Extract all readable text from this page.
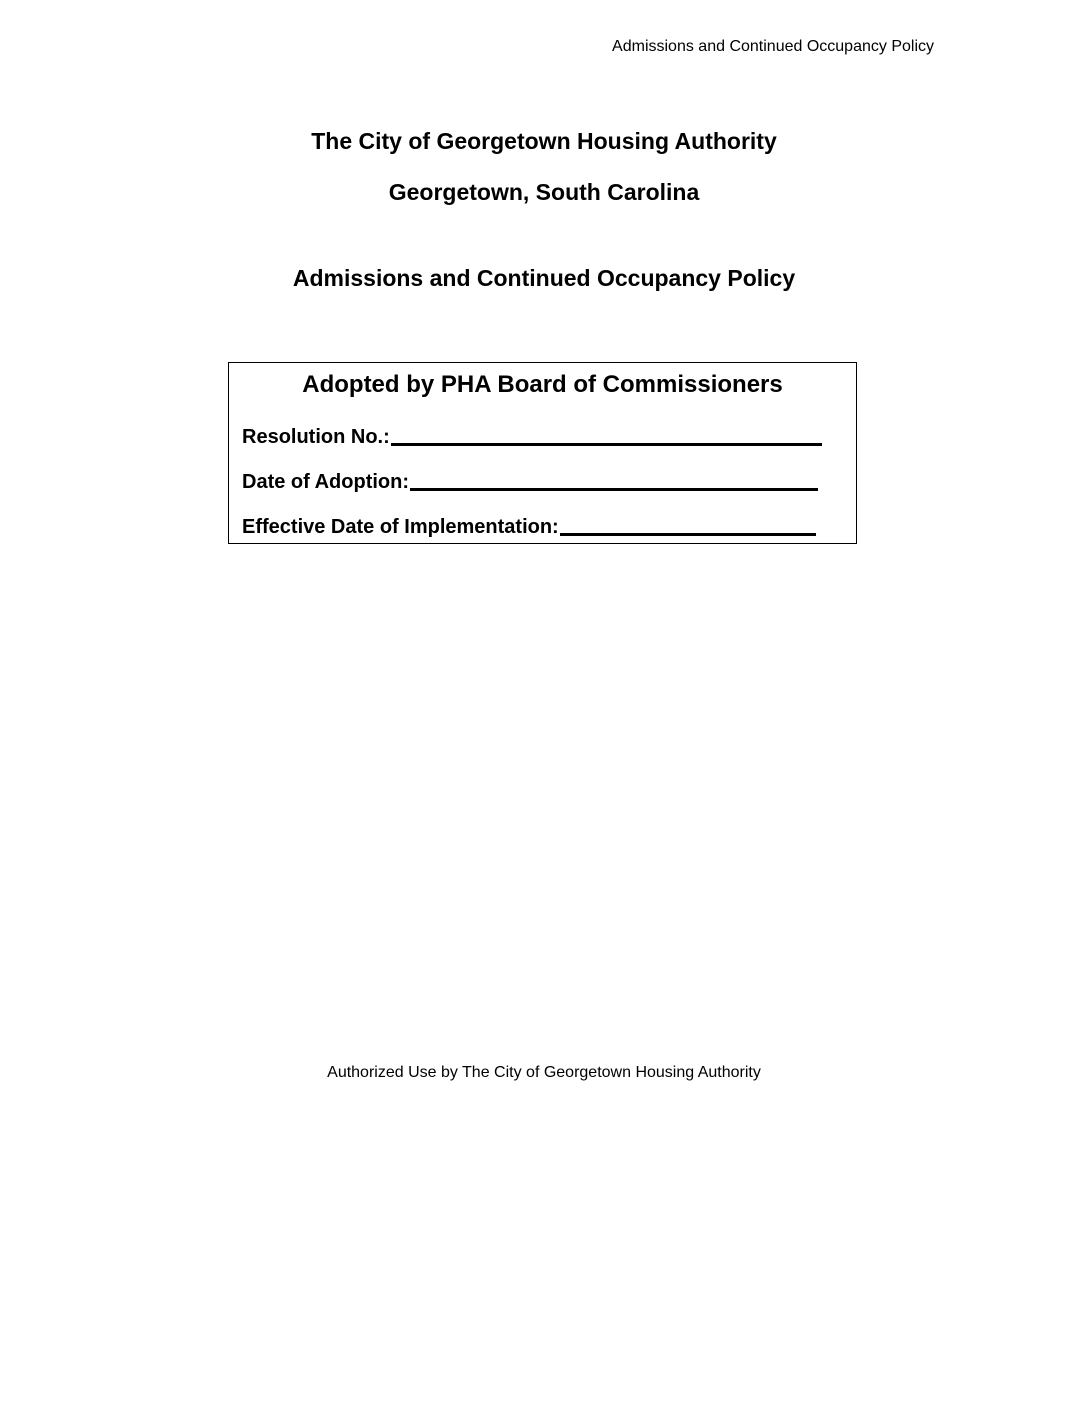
Admissions and Continued Occupancy Policy
The City of Georgetown Housing Authority
Georgetown, South Carolina
Admissions and Continued Occupancy Policy
Adopted by PHA Board of Commissioners
Resolution No.:
Date of Adoption:
Effective Date of Implementation:
Authorized Use by The City of Georgetown Housing Authority
